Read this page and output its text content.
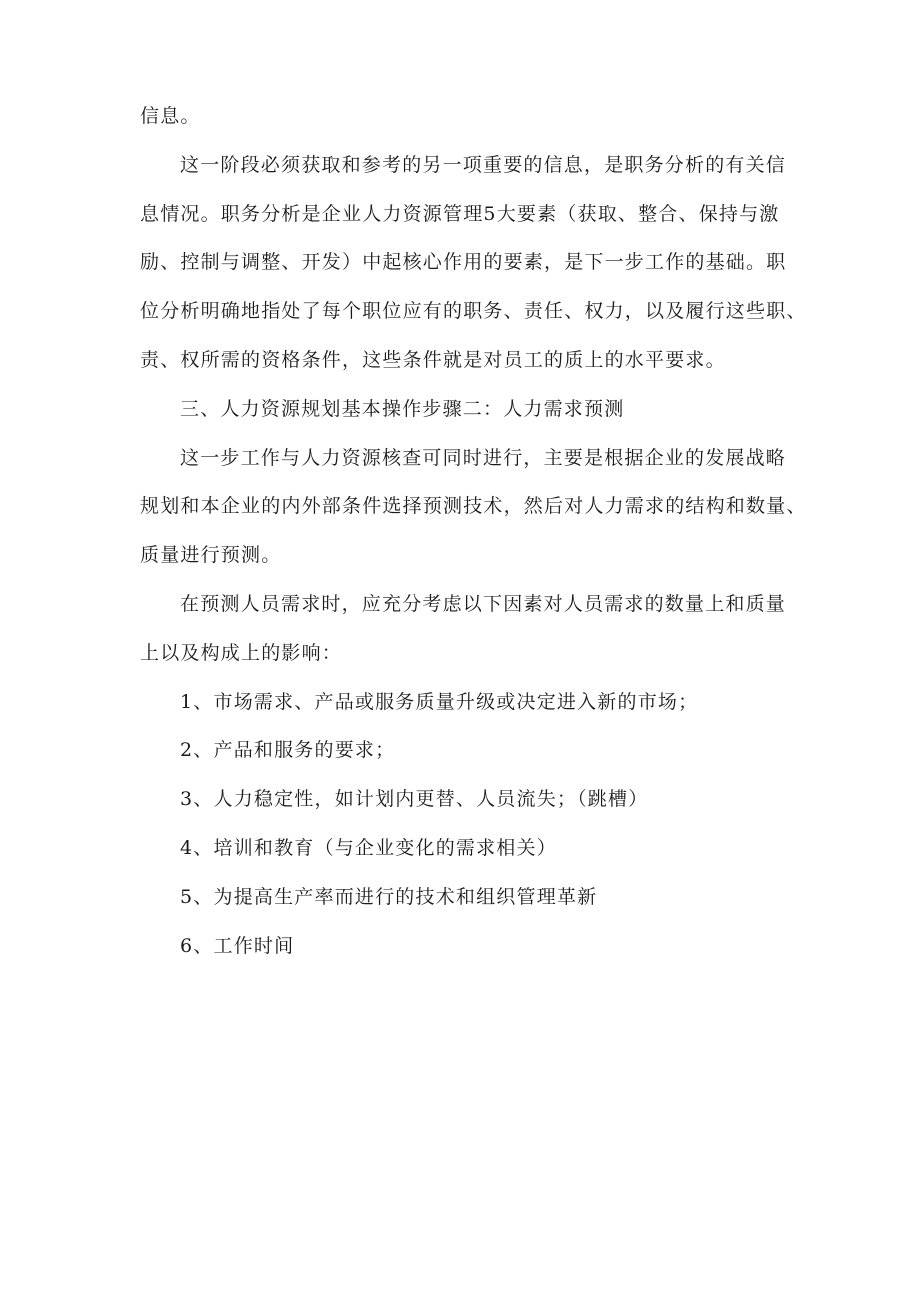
信息。
这一阶段必须获取和参考的另一项重要的信息，是职务分析的有关信
息情况。职务分析是企业人力资源管理5大要素（获取、整合、保持与激
励、控制与调整、开发）中起核心作用的要素，是下一步工作的基础。职
位分析明确地指处了每个职位应有的职务、责任、权力，以及履行这些职、
责、权所需的资格条件，这些条件就是对员工的质上的水平要求。
三、人力资源规划基本操作步骤二：人力需求预测
这一步工作与人力资源核查可同时进行，主要是根据企业的发展战略
规划和本企业的内外部条件选择预测技术，然后对人力需求的结构和数量、
质量进行预测。
在预测人员需求时，应充分考虑以下因素对人员需求的数量上和质量
上以及构成上的影响：
1、市场需求、产品或服务质量升级或决定进入新的市场；
2、产品和服务的要求；
3、人力稳定性，如计划内更替、人员流失；（跳槽）
4、培训和教育（与企业变化的需求相关）
5、为提高生产率而进行的技术和组织管理革新
6、工作时间
